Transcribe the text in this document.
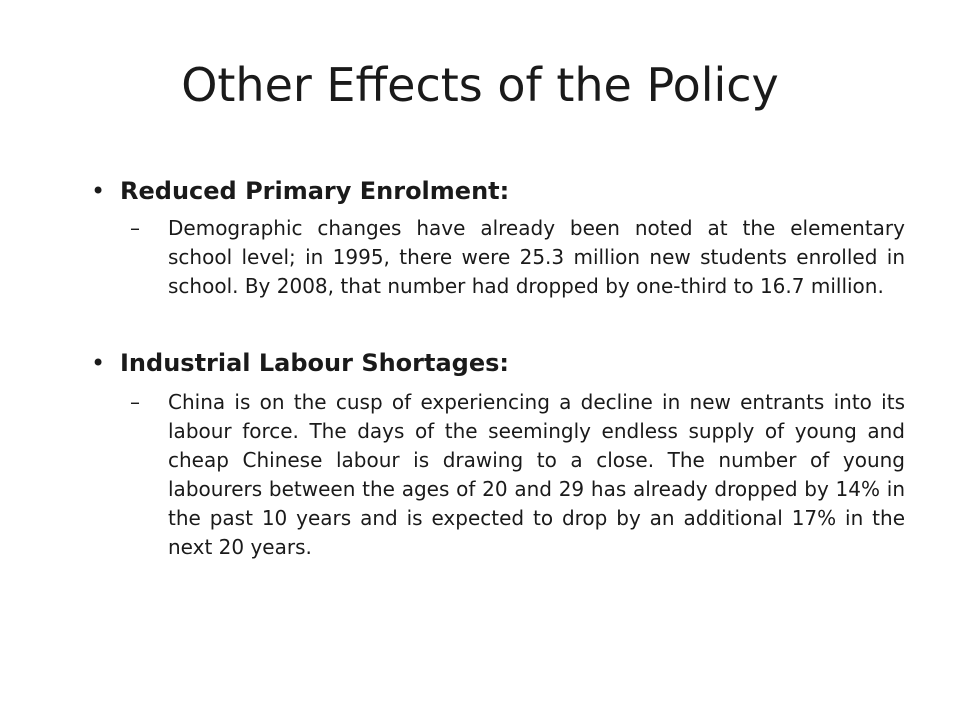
Other Effects of the Policy
• Reduced Primary Enrolment:
– Demographic changes have already been noted at the elementary school level; in 1995, there were 25.3 million new students enrolled in school. By 2008, that number had dropped by one-third to 16.7 million.

• Industrial Labour Shortages:
– China is on the cusp of experiencing a decline in new entrants into its labour force. The days of the seemingly endless supply of young and cheap Chinese labour is drawing to a close. The number of young labourers between the ages of 20 and 29 has already dropped by 14% in the past 10 years and is expected to drop by an additional 17% in the next 20 years.
